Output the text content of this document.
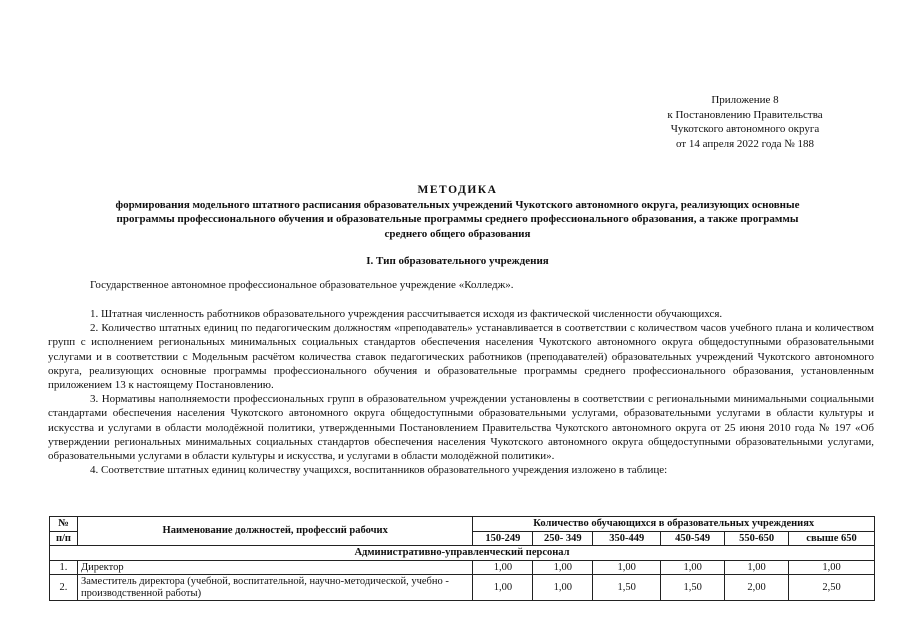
Приложение 8
к Постановлению Правительства
Чукотского автономного округа
от 14 апреля 2022 года № 188
МЕТОДИКА
формирования модельного штатного расписания образовательных учреждений Чукотского автономного округа, реализующих основные
программы профессионального обучения и образовательные программы среднего профессионального образования, а также программы
среднего общего образования
I. Тип образовательного учреждения
Государственное автономное профессиональное образовательное учреждение «Колледж».

1. Штатная численность работников образовательного учреждения рассчитывается исходя из фактической численности обучающихся.

2. Количество штатных единиц по педагогическим должностям «преподаватель» устанавливается в соответствии с количеством часов учебного плана и количеством групп с исполнением региональных минимальных социальных стандартов обеспечения населения Чукотского автономного округа общедоступными образовательными услугами и в соответствии с Модельным расчётом количества ставок педагогических работников (преподавателей) образовательных учреждений Чукотского автономного округа, реализующих основные программы профессионального обучения и образовательные программы среднего профессионального образования, установленным приложением 13 к настоящему Постановлению.

3. Нормативы наполняемости профессиональных групп в образовательном учреждении установлены в соответствии с региональными минимальными социальными стандартами обеспечения населения Чукотского автономного округа общедоступными образовательными услугами, образовательными услугами в области культуры и искусства и услугами в области молодёжной политики, утвержденными Постановлением Правительства Чукотского автономного округа от 25 июня 2010 года № 197 «Об утверждении региональных минимальных социальных стандартов обеспечения населения Чукотского автономного округа общедоступными образовательными услугами, образовательными услугами в области культуры и искусства, и услугами в области молодёжной политики».

4. Соответствие штатных единиц количеству учащихся, воспитанников образовательного учреждения изложено в таблице:

№	Наименование должностей, профессий рабочих	Количество обучающихся в образовательных учреждениях					
п/п		150-249	250- 349	350-449	450-549	550-650	свыше 650
Административно-управленческий персонал							
1.	Директор	1,00	1,00	1,00	1,00	1,00	1,00
2.	Заместитель директора (учебной, воспитательной, научно-методической, учебно - производственной работы)	1,00	1,00	1,50	1,50	2,00	2,50
